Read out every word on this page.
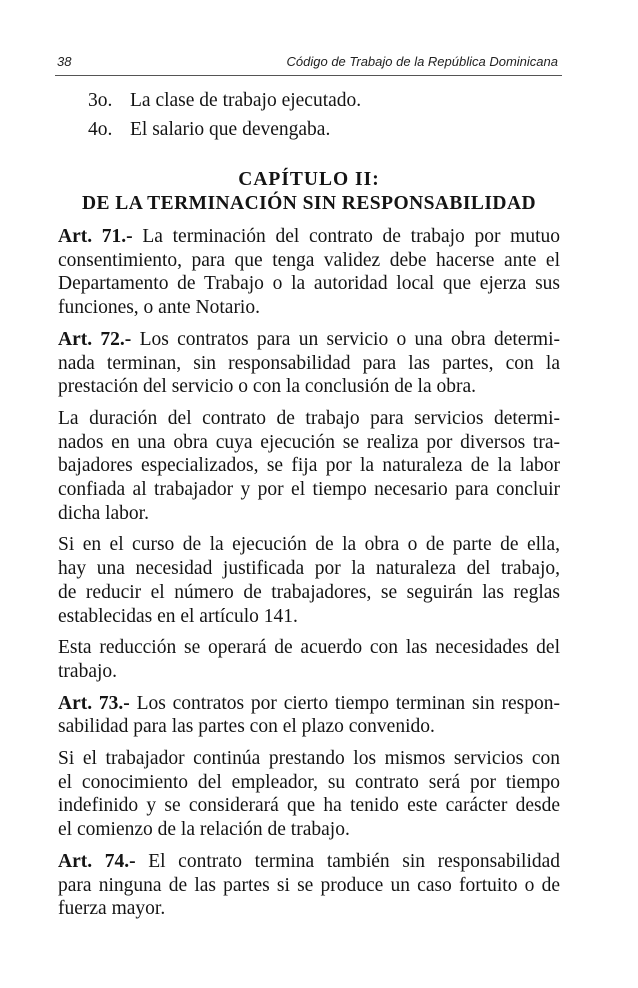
38	Código de Trabajo de la República Dominicana
3o. La clase de trabajo ejecutado.
4o. El salario que devengaba.
CAPÍTULO II:
DE LA TERMINACIÓN SIN RESPONSABILIDAD
Art. 71.- La terminación del contrato de trabajo por mutuo
consentimiento, para que tenga validez debe hacerse ante el
Departamento de Trabajo o la autoridad local que ejerza sus
funciones, o ante Notario.
Art. 72.- Los contratos para un servicio o una obra determi-
nada terminan, sin responsabilidad para las partes, con la
prestación del servicio o con la conclusión de la obra.
La duración del contrato de trabajo para servicios determi-
nados en una obra cuya ejecución se realiza por diversos tra-
bajadores especializados, se fija por la naturaleza de la labor
confiada al trabajador y por el tiempo necesario para concluir
dicha labor.
Si en el curso de la ejecución de la obra o de parte de ella,
hay una necesidad justificada por la naturaleza del trabajo,
de reducir el número de trabajadores, se seguirán las reglas
establecidas en el artículo 141.
Esta reducción se operará de acuerdo con las necesidades del
trabajo.
Art. 73.- Los contratos por cierto tiempo terminan sin respon-
sabilidad para las partes con el plazo convenido.
Si el trabajador continúa prestando los mismos servicios con
el conocimiento del empleador, su contrato será por tiempo
indefinido y se considerará que ha tenido este carácter desde
el comienzo de la relación de trabajo.
Art. 74.- El contrato termina también sin responsabilidad
para ninguna de las partes si se produce un caso fortuito o de
fuerza mayor.
